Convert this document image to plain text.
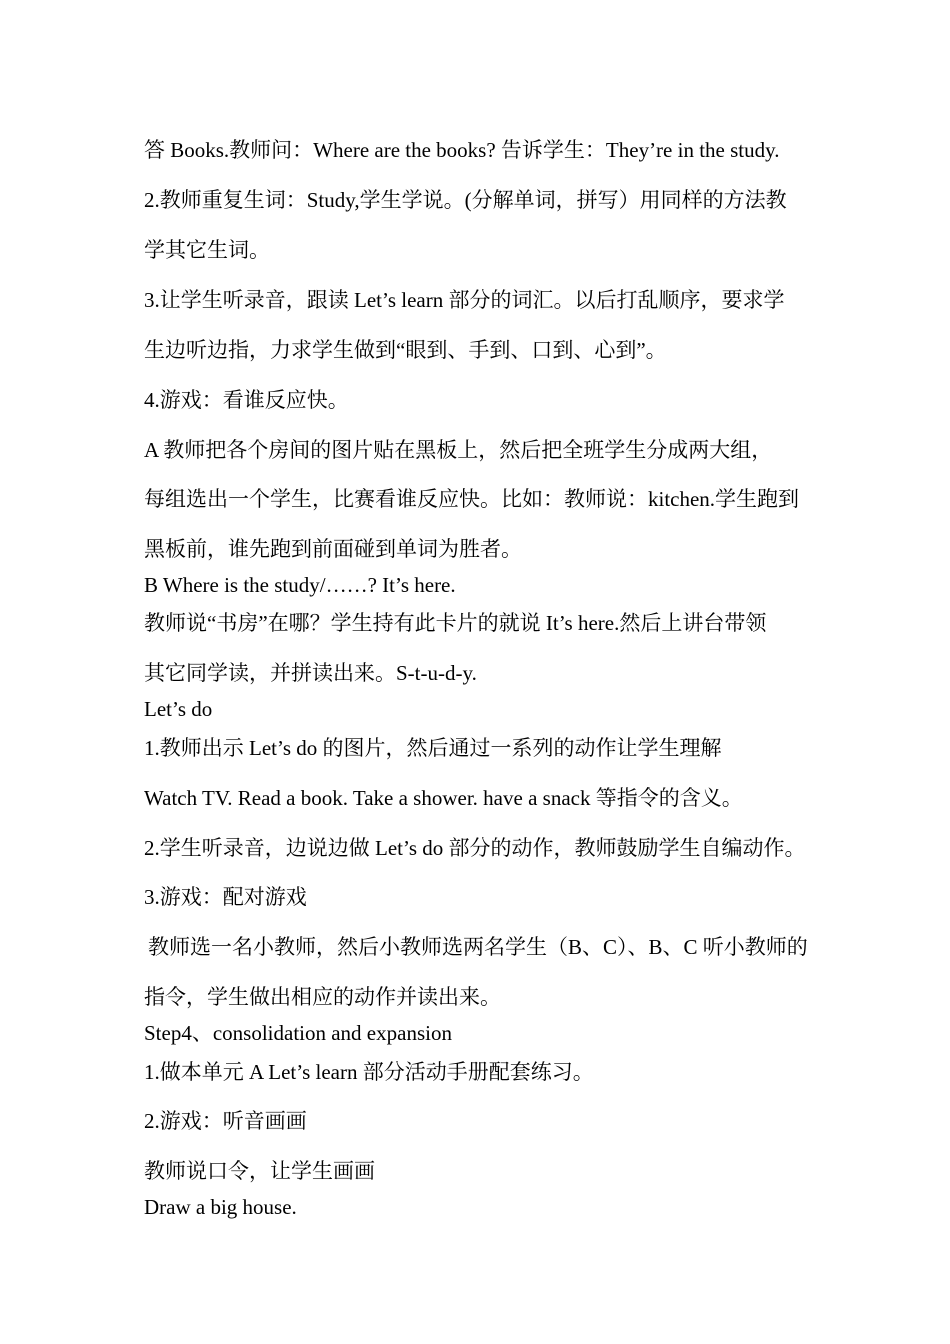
答 Books.教师问：Where are the books? 告诉学生：They’re in the study.
2.教师重复生词：Study,学生学说。(分解单词，拼写）用同样的方法教
学其它生词。
3.让学生听录音，跟读 Let’s learn 部分的词汇。以后打乱顺序，要求学
生边听边指，力求学生做到“眼到、手到、口到、心到”。
4.游戏：看谁反应快。
A 教师把各个房间的图片贴在黑板上，然后把全班学生分成两大组，
每组选出一个学生，比赛看谁反应快。比如：教师说：kitchen.学生跑到
黑板前，谁先跑到前面碰到单词为胜者。
B Where is the study/……? It’s here.
教师说“书房”在哪？学生持有此卡片的就说 It’s here.然后上讲台带领
其它同学读，并拼读出来。S-t-u-d-y.
Let’s do
1.教师出示 Let’s do 的图片，然后通过一系列的动作让学生理解
Watch TV. Read a book. Take a shower. have a snack 等指令的含义。
2.学生听录音，边说边做 Let’s do 部分的动作，教师鼓励学生自编动作。
3.游戏：配对游戏
教师选一名小教师，然后小教师选两名学生（B、C）、B、C 听小教师的
指令，学生做出相应的动作并读出来。
Step4、consolidation and expansion
1.做本单元 A Let’s learn 部分活动手册配套练习。
2.游戏：听音画画
教师说口令，让学生画画
Draw a big house.
